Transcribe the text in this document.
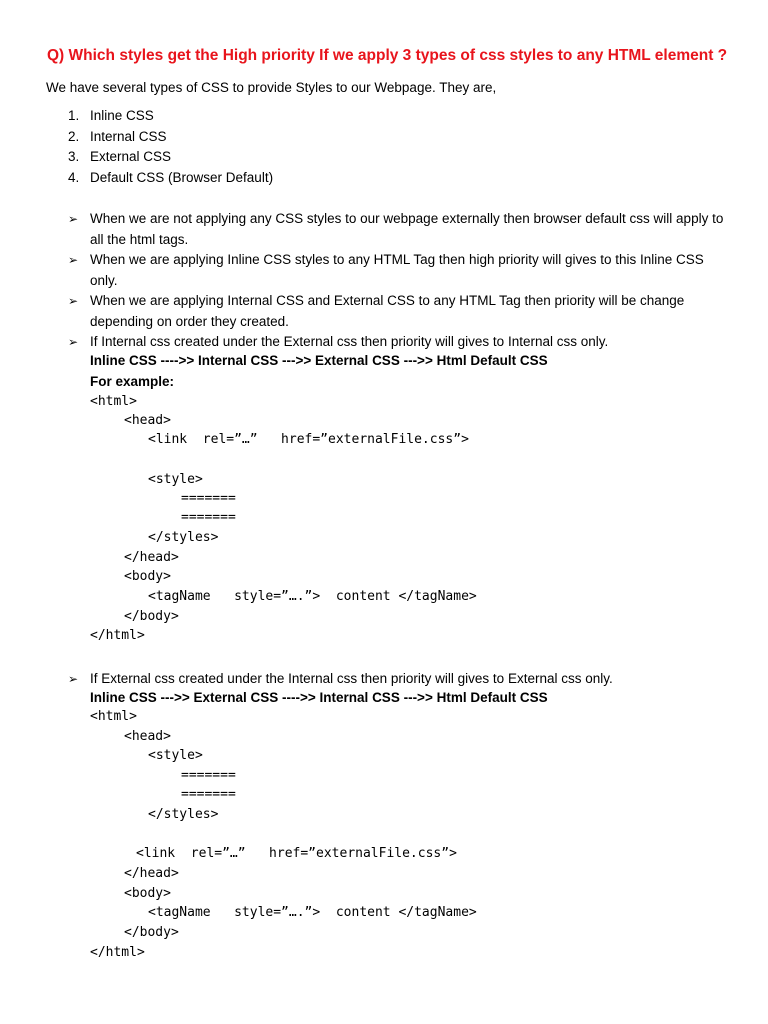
Q) Which styles get the High priority If we apply 3 types of css styles to any HTML element ?

We have several types of CSS to provide Styles to our Webpage. They are,

1. Inline CSS
2. Internal CSS
3. External CSS
4. Default CSS (Browser Default)
➢ When we are not applying any CSS styles to our webpage externally then browser default css will apply to all the html tags.
➢ When we are applying Inline CSS styles to any HTML Tag then high priority will gives to this Inline CSS only.
➢ When we are applying Internal CSS and External CSS to any HTML Tag then priority will be change depending on order they created.
➢ If Internal css created under the External css then priority will gives to Internal css only.

Inline CSS ---->> Internal CSS --->> External CSS --->> Html Default CSS

For example:

<html>
<head>
<link  rel=”…”   href=”externalFile.css”>
<style>
=======
=======
</styles>
</head>
<body>
<tagName   style=”….”>  content </tagName>
</body>
</html>
➢ If External css created under the Internal css then priority will gives to External css only.

Inline CSS --->> External CSS ---->> Internal CSS --->> Html Default CSS

<html>
<head>
<style>
=======
=======
</styles>
<link  rel=”…”   href=”externalFile.css”>
</head>
<body>
<tagName   style=”….”>  content </tagName>
</body>
</html>
